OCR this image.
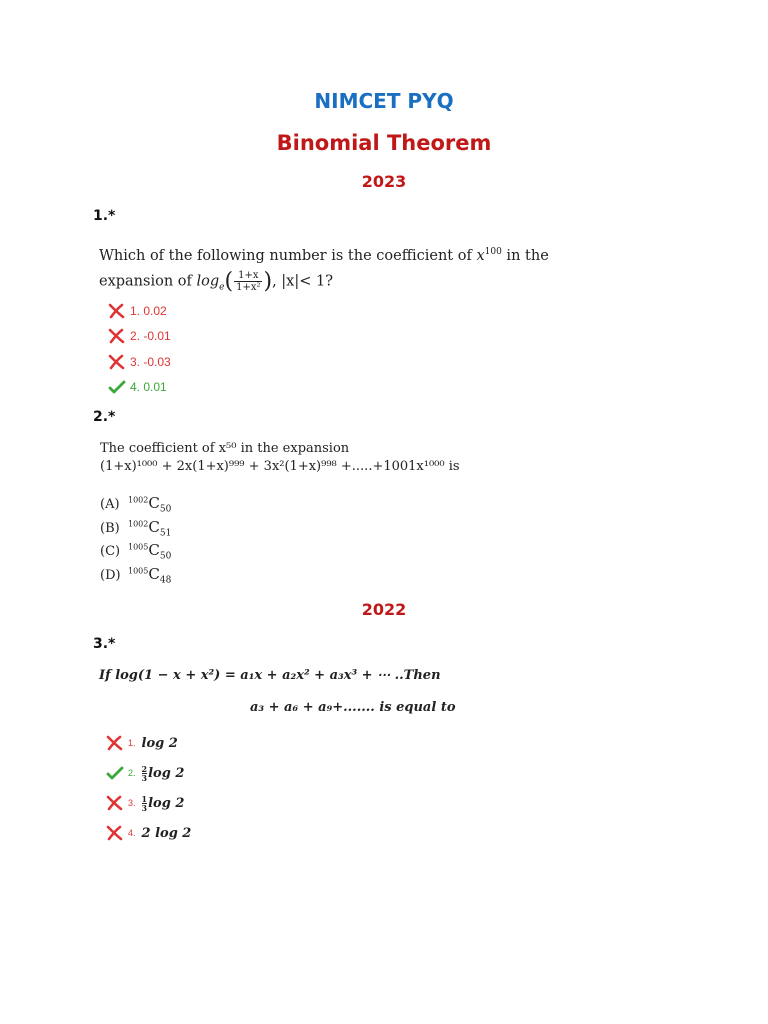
NIMCET PYQ
Binomial Theorem
2023
1.*
Which of the following number is the coefficient of $x^{100}$ in the
expansion of $\log_e( \frac{1+x}{\text{1+x²}}$ ), |x|< 1?
1. 0.02
2. -0.01
3. -0.03
4. 0.01
2.*
The coefficient of x⁵⁰ in the expansion
(1+x)¹⁰⁰⁰ + 2x(1+x)⁹⁹⁹ + 3x²(1+x)⁹⁹⁸ +.....+1001x¹⁰⁰⁰ is
(A) $^{1002}C_{50}$
(B) $^{1002}C_{51}$
(C) $^{1005}C_{50}$
(D) $^{1005}C_{48}$
2022
3.*
If log(1 − x + x²) = a₁x + a₂x² + a₃x³ + ⋯ ..Then
a₃ + a₆ + a₉+....... is equal to
1. log 2
2. $\frac{2}{3}\log$ 2
3. $\frac{1}{3}\log$ 2
4. 2 log 2
